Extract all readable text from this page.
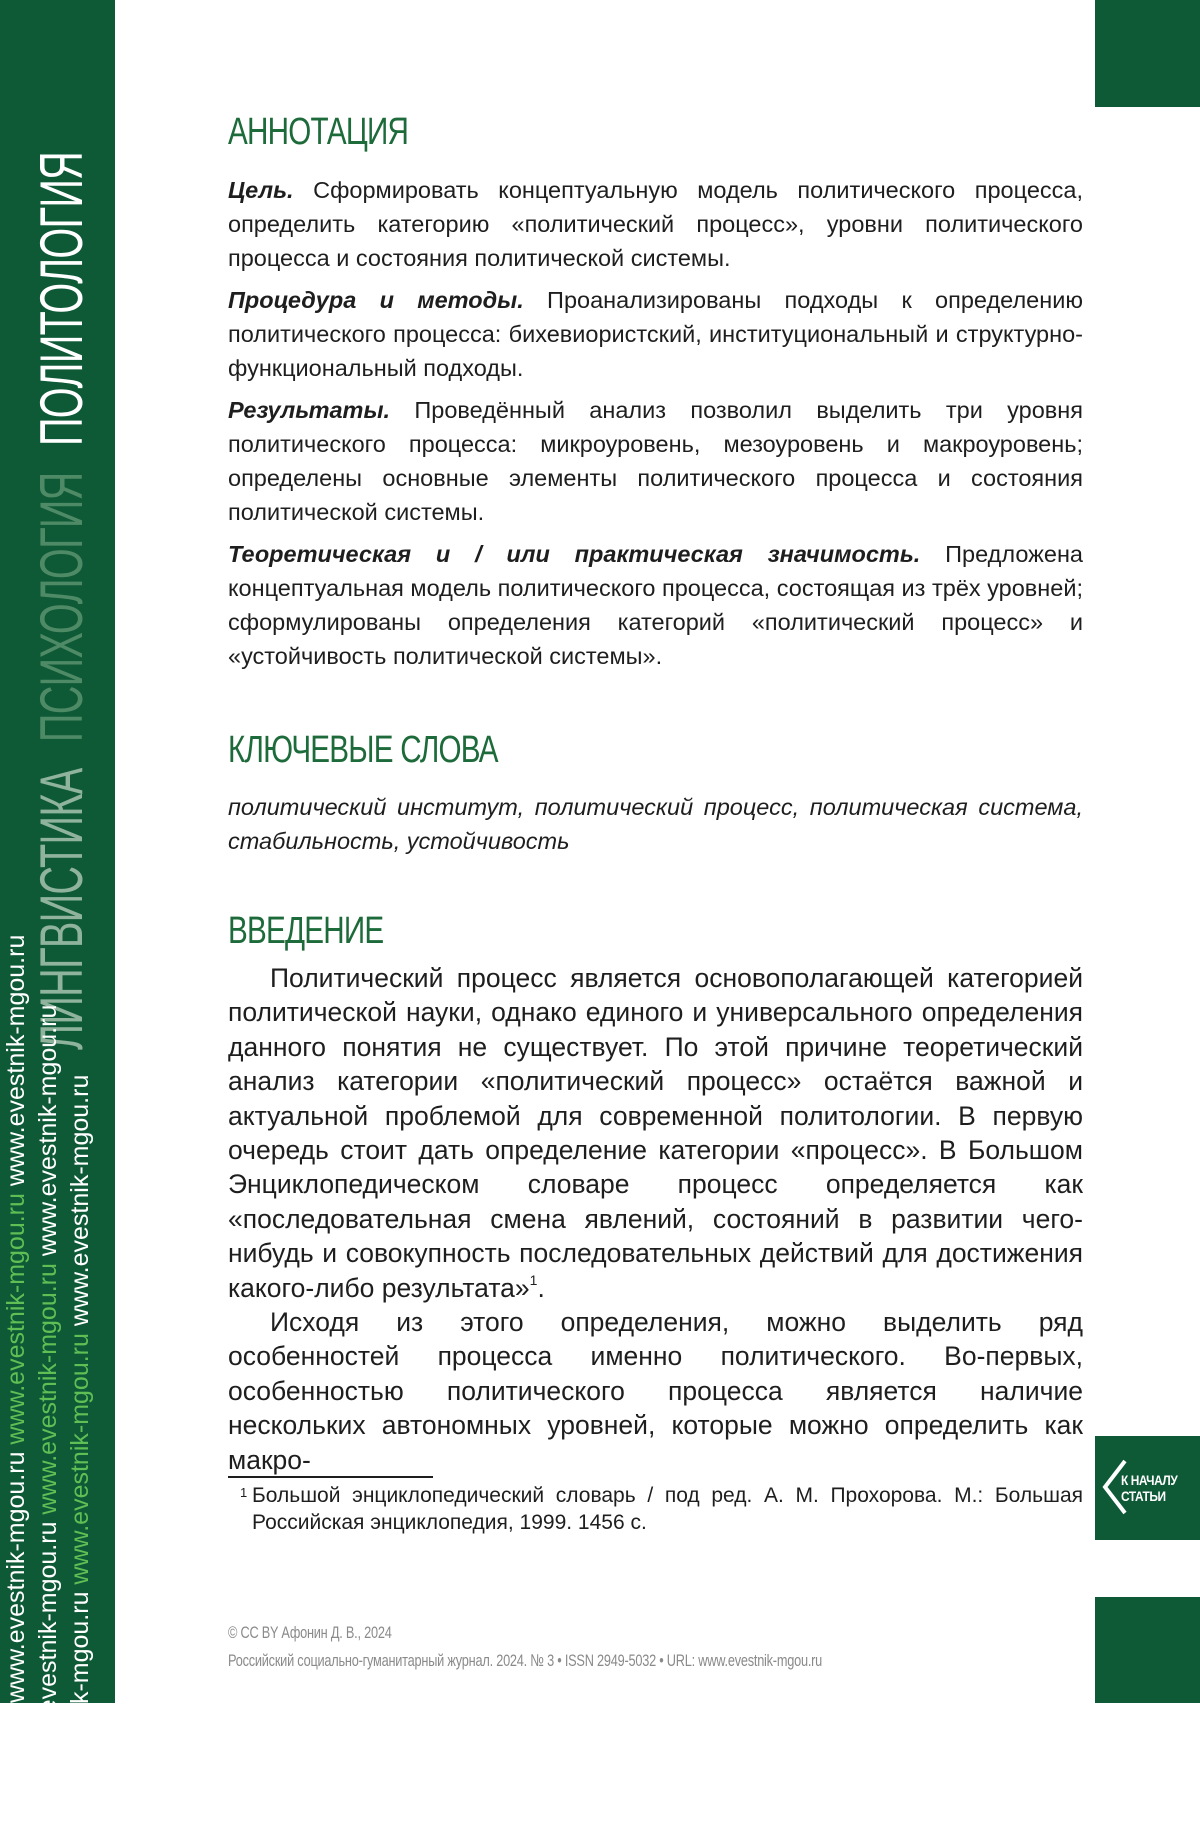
ЛИНГВИСТИКАПСИХОЛОГИЯПОЛИТОЛОГИЯ
www.evestnik-mgou.ru www.evestnik-mgou.ru www.evestnik-mgou.ru
www.evestnik-mgou.ru www.evestnik-mgou.ru www.evestnik-mgou.ru
www.evestnik-mgou.ru www.evestnik-mgou.ru www.evestnik-mgou.ru
К НАЧАЛУ
СТАТЬИ
АННОТАЦИЯ

Цель. Сформировать концептуальную модель политического процесса, определить категорию «политический процесс», уровни политического процесса и состояния политической системы.

Процедура и методы. Проанализированы подходы к определению политического процесса: бихевиористский, институциональный и структурно-функциональный подходы.

Результаты. Проведённый анализ позволил выделить три уровня политического процесса: микроуровень, мезоуровень и макроуровень; определены основные элементы политического процесса и состояния политической системы.

Теоретическая и / или практическая значимость. Предложена концептуальная модель политического процесса, состоящая из трёх уровней; сформулированы определения категорий «политический процесс» и «устойчивость политической системы».

КЛЮЧЕВЫЕ СЛОВА

политический институт, политический процесс, политическая система, стабильность, устойчивость

ВВЕДЕНИЕ

Политический процесс является основополагающей категорией политической науки, однако единого и универсального определения данного понятия не существует. По этой причине теоретический анализ категории «политический процесс» остаётся важной и актуальной проблемой для современной политологии. В первую очередь стоит дать определение категории «процесс». В Большом Энциклопедическом словаре процесс определяется как «последовательная смена явлений, состояний в развитии чего-нибудь и совокупность последовательных действий для достижения какого-либо результата»$^1$.

Исходя из этого определения, можно выделить ряд особенностей процесса именно политического. Во-первых, особенностью политического процесса является наличие нескольких автономных уровней, которые можно определить как макро-

1 Большой энциклопедический словарь / под ред. А. М. Прохорова. М.: Большая Российская энциклопедия, 1999. 1456 с.

© CC BY Афонин Д. В., 2024
Российский социально-гуманитарный журнал. 2024. № 3 • ISSN 2949-5032 • URL: www.evestnik-mgou.ru
